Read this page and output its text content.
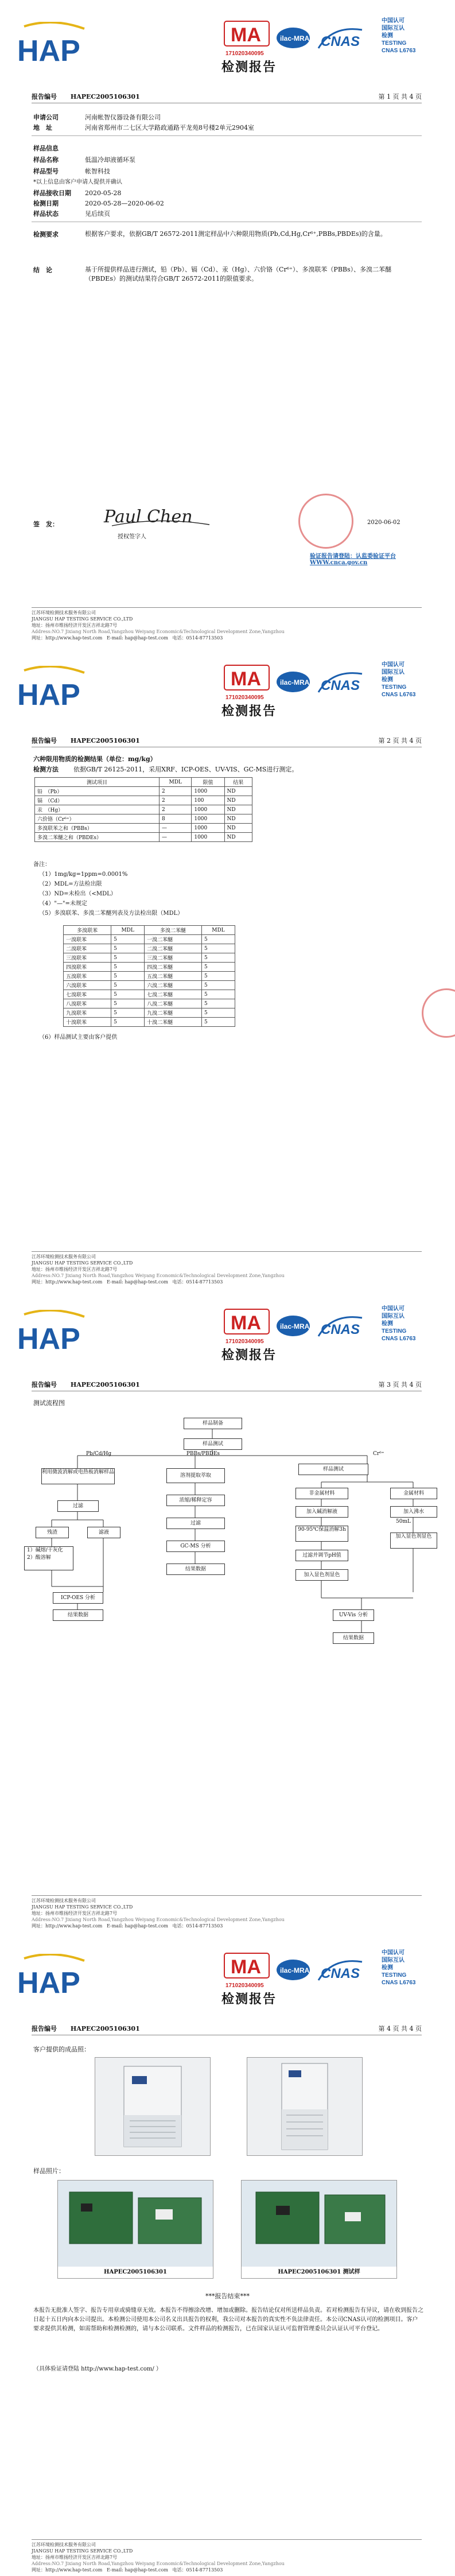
HAP	MA
171020340095
检测报告
ilac-MRA CNAS
中国认可
国际互认
检测
TESTING
CNAS L6763
报告编号 HAPEC2005106301	第 1 页 共 4 页
申请公司	河南帐智仪器设备有限公司
地　址	河南省郑州市二七区大学路政通路平龙苑8号楼2单元2904室
样品信息
样品名称	低温冷却液循环泵
样品型号	帐智科技
*以上信息由客户申请人提供并确认
样品接收日期 2020-05-28
检测日期	2020-05-28—2020-06-02
样品状态	见后续页
检测要求	根据客户要求，依据GB/T 26572-2011测定样品中六种限用物质(Pb,Cd,Hg,Cr⁶⁺,PBBs,PBDEs)的含量。
结　论	基于所提供样品进行测试，铅（Pb）、镉（Cd）、汞（Hg）、六价铬（Cr⁶⁺）、多溴联苯（PBBs）、多溴二苯醚（PBDEs）的测试结果符合GB/T 26572-2011的限值要求。
签　发：	Paul Chen
授权签字人
2020-06-02
验证报告请登陆：认监委验证平台 WWW.cnca.gov.cn
江苏环境检测技术服务有限公司
JIANGSU HAP TESTING SERVICE CO.,LTD
地址：扬州市维扬经济开发区吉祥北路7号
Address:NO.7 Jixiang North Road,Yangzhou Weiyang Economic&Technological Development Zone,Yangzhou
网址：http://www.hap-test.com E-mail: hap@hap-test.com 电话：0514-87713503
HAP	MA
171020340095
检测报告
ilac-MRA CNAS
中国认可
国际互认
检测
TESTING
CNAS L6763
报告编号 HAPEC2005106301	第 2 页 共 4 页
六种限用物质的检测结果（单位：mg/kg）
检测方法 依据GB/T 26125-2011，采用XRF、ICP-OES、UV-VIS、GC-MS进行测定。
测试项目	MDL	限值	结果
铅　（Pb）	2	1000	ND
镉　（Cd）	2	100	ND
汞　（Hg）	2	1000	ND
六价铬（Cr⁶⁺）	8	1000	ND
多溴联苯之和（PBBs）	—	1000	ND
多溴二苯醚之和（PBDEs）	—	1000	ND
备注：
（1）1mg/kg=1ppm=0.0001%
（2）MDL=方法检出限
（3）ND=未检出（<MDL）
（4）"—"=未规定
（5）多溴联苯、多溴二苯醚列表及方法检出限（MDL）
多溴联苯	MDL	多溴二苯醚	MDL
一溴联苯	5	一溴二苯醚	5
二溴联苯	5	二溴二苯醚	5
三溴联苯	5	三溴二苯醚	5
四溴联苯	5	四溴二苯醚	5
五溴联苯	5	五溴二苯醚	5
六溴联苯	5	六溴二苯醚	5
七溴联苯	5	七溴二苯醚	5
八溴联苯	5	八溴二苯醚	5
九溴联苯	5	九溴二苯醚	5
十溴联苯	5	十溴二苯醚	5
（6）样品测试主要由客户提供
江苏环境检测技术服务有限公司
JIANGSU HAP TESTING SERVICE CO.,LTD
地址：扬州市维扬经济开发区吉祥北路7号
Address:NO.7 Jixiang North Road,Yangzhou Weiyang Economic&Technological Development Zone,Yangzhou
网址：http://www.hap-test.com E-mail: hap@hap-test.com 电话：0514-87713503
HAP	MA
171020340095
检测报告
ilac-MRA CNAS
中国认可
国际互认
检测
TESTING
CNAS L6763
报告编号 HAPEC2005106301	第 3 页 共 4 页
测试流程图
样品制备
样品测试
Pb/Cd/Hg	PBBs/PBDEs	Cr⁶⁺
利用微波消解或电热板消解样品
过滤
残渣	滤液
1）碱熔/干灰化
2）酸溶解
ICP-OES 分析
结果数据
溶剂提取萃取
浓缩/稀释定容
过滤
GC-MS 分析
结果数据
样品测试
非金属材料	金属材料
加入碱消解液
90-95℃保温消解3h
过滤并调节pH值
加入显色剂显色
加入沸水
50mL
加入显色剂显色
UV-Vis 分析
结果数据
江苏环境检测技术服务有限公司
JIANGSU HAP TESTING SERVICE CO.,LTD
地址：扬州市维扬经济开发区吉祥北路7号
Address:NO.7 Jixiang North Road,Yangzhou Weiyang Economic&Technological Development Zone,Yangzhou
网址：http://www.hap-test.com E-mail: hap@hap-test.com 电话：0514-87713503
HAP	MA
171020340095
检测报告
ilac-MRA CNAS
中国认可
国际互认
检测
TESTING
CNAS L6763
报告编号 HAPEC2005106301	第 4 页 共 4 页
客户提供的成品照：
样品照片：
HAPEC2005106301	HAPEC2005106301 测试样
***报告结束***
本报告无批准人签字、报告专用章或骑缝章无效。本报告不得擦涂改增、增加或删除。报告结论仅对所送样品负责。若对检测报告有异议，请在收到报告之日起十五日内向本公司提出。本检测公司使用本公司名义出具报告的权利，我公司对本报告的真实性不负法律责任。本公司CNAS认可的检测项目。客户要求提供其检测，如需帮助和检测检测的，请与本公司联系。文件样品的检测报告，已在国家认证认可监督管理委员会认证认可平台登记。
（具体验证请登陆 http://www.hap-test.com/ ）
江苏环境检测技术服务有限公司
JIANGSU HAP TESTING SERVICE CO.,LTD
地址：扬州市维扬经济开发区吉祥北路7号
Address:NO.7 Jixiang North Road,Yangzhou Weiyang Economic&Technological Development Zone,Yangzhou
网址：http://www.hap-test.com E-mail: hap@hap-test.com 电话：0514-87713503
